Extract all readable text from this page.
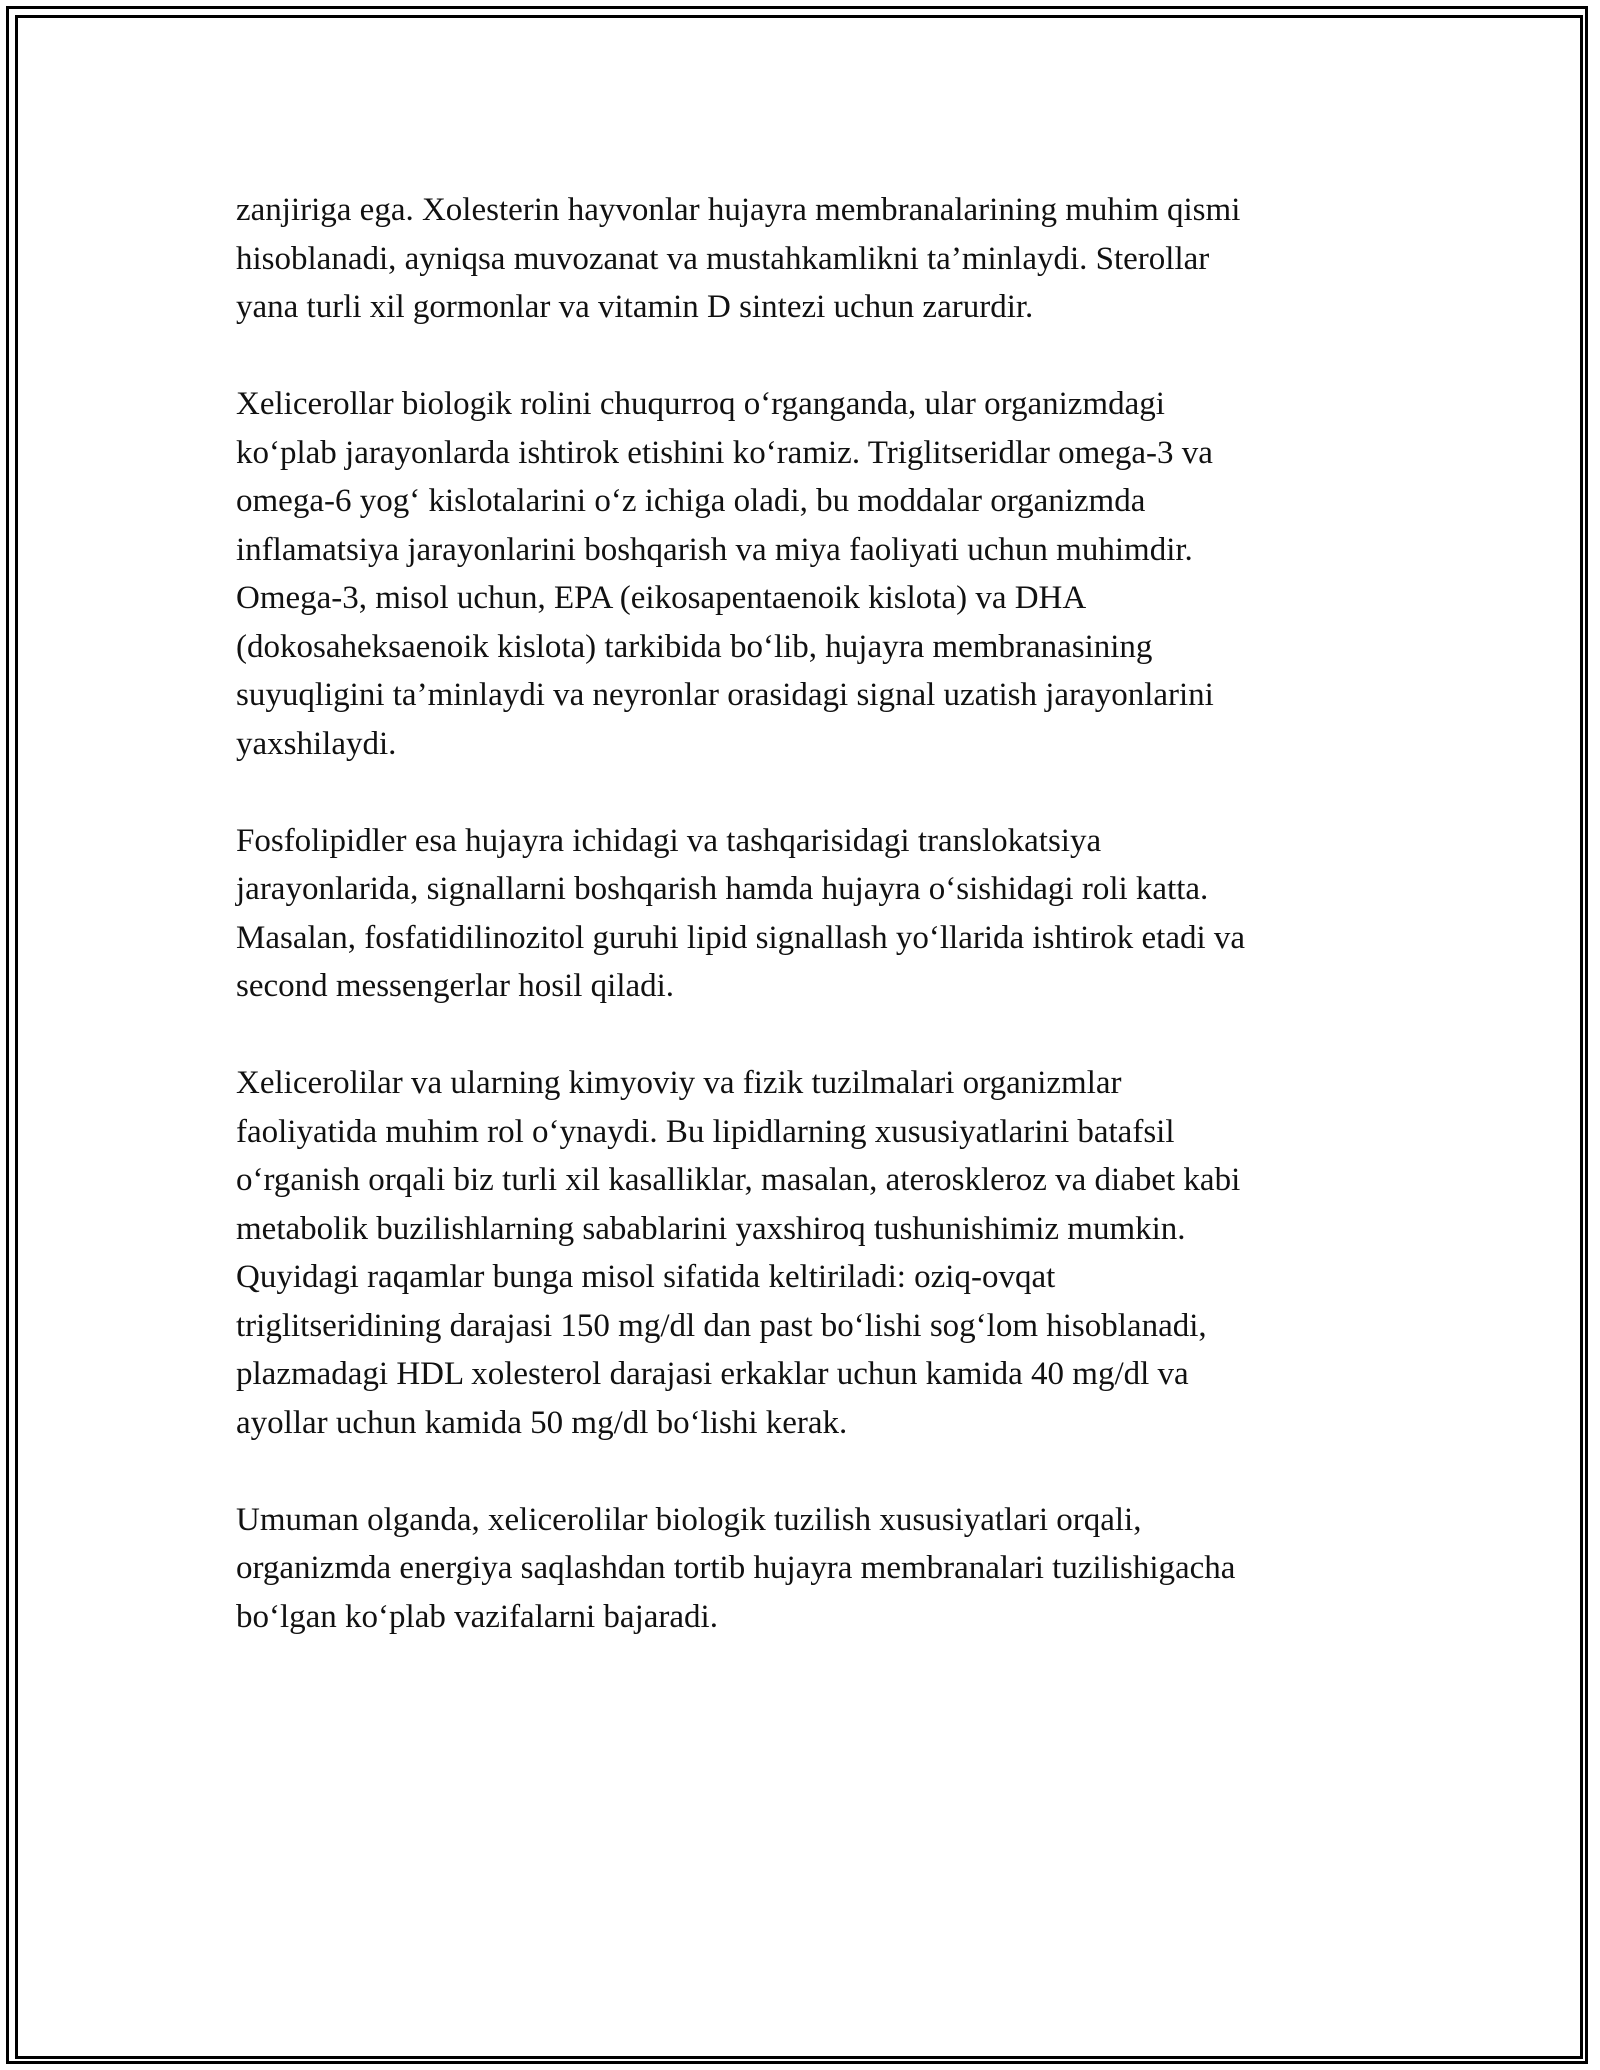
zanjiriga ega. Xolesterin hayvonlar hujayra membranalarining muhim qismi
hisoblanadi, ayniqsa muvozanat va mustahkamlikni ta’minlaydi. Sterollar
yana turli xil gormonlar va vitamin D sintezi uchun zarurdir.

Xelicerollar biologik rolini chuqurroq o‘rganganda, ular organizmdagi
ko‘plab jarayonlarda ishtirok etishini ko‘ramiz. Triglitseridlar omega-3 va
omega-6 yog‘ kislotalarini o‘z ichiga oladi, bu moddalar organizmda
inflamatsiya jarayonlarini boshqarish va miya faoliyati uchun muhimdir.
Omega-3, misol uchun, EPA (eikosapentaenoik kislota) va DHA
(dokosaheksaenoik kislota) tarkibida bo‘lib, hujayra membranasining
suyuqligini ta’minlaydi va neyronlar orasidagi signal uzatish jarayonlarini
yaxshilaydi.

Fosfolipidler esa hujayra ichidagi va tashqarisidagi translokatsiya
jarayonlarida, signallarni boshqarish hamda hujayra o‘sishidagi roli katta.
Masalan, fosfatidilinozitol guruhi lipid signallash yo‘llarida ishtirok etadi va
second messengerlar hosil qiladi.

Xelicerolilar va ularning kimyoviy va fizik tuzilmalari organizmlar
faoliyatida muhim rol o‘ynaydi. Bu lipidlarning xususiyatlarini batafsil
o‘rganish orqali biz turli xil kasalliklar, masalan, ateroskleroz va diabet kabi
metabolik buzilishlarning sabablarini yaxshiroq tushunishimiz mumkin.
Quyidagi raqamlar bunga misol sifatida keltiriladi: oziq-ovqat
triglitseridining darajasi 150 mg/dl dan past bo‘lishi sog‘lom hisoblanadi,
plazmadagi HDL xolesterol darajasi erkaklar uchun kamida 40 mg/dl va
ayollar uchun kamida 50 mg/dl bo‘lishi kerak.

Umuman olganda, xelicerolilar biologik tuzilish xususiyatlari orqali,
organizmda energiya saqlashdan tortib hujayra membranalari tuzilishigacha
bo‘lgan ko‘plab vazifalarni bajaradi.
